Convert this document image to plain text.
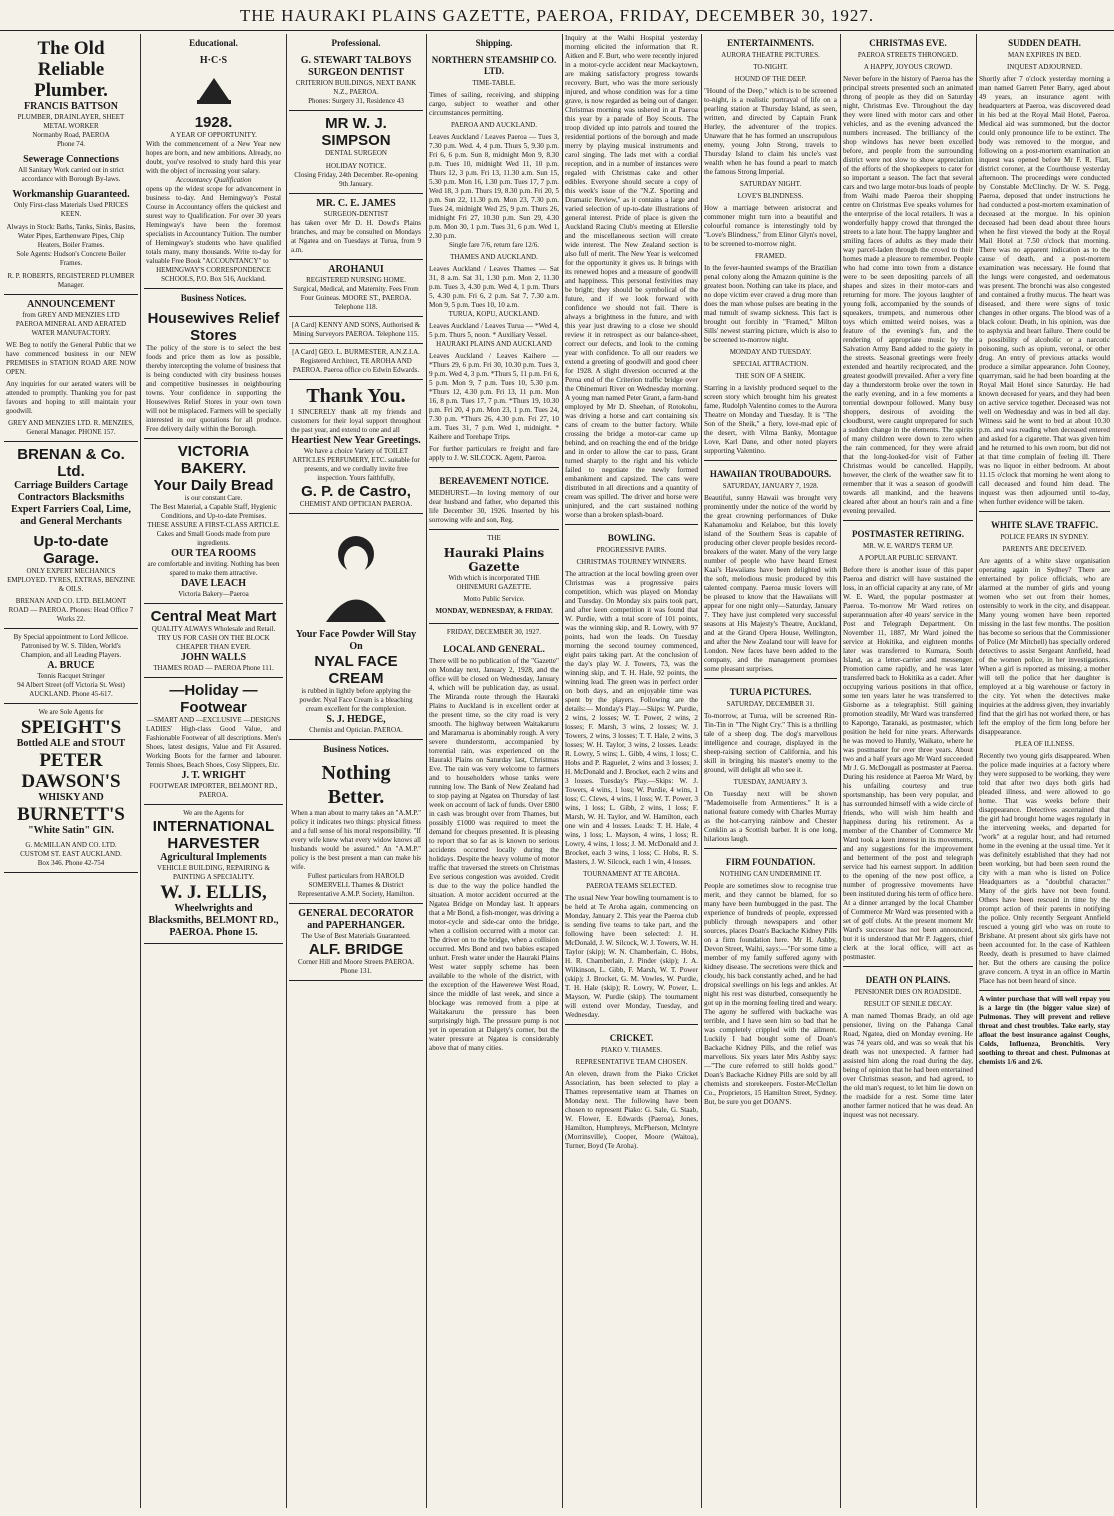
THE HAURAKI PLAINS GAZETTE, PAEROA, FRIDAY, DECEMBER 30, 1927.
The Old Reliable Plumber.
FRANCIS BATTSON
PLUMBER, DRAINLAYER, SHEET METAL WORKER
Normanby Road, PAEROA
Phone 74.
Sewerage Connections
All Sanitary Work carried out in strict accordance with Borough By-laws.
Workmanship Guaranteed.
Only First-class Materials Used PRICES KEEN.
Always in Stock: Baths, Tanks, Sinks, Basins, Water Pipes, Earthenware Pipes, Chip Heaters, Boiler Frames.
Sole Agents: Hudson's Concrete Boiler Frames.
R. P. ROBERTS, REGISTERED PLUMBER Manager.
ANNOUNCEMENT
from GREY AND MENZIES LTD
PAEROA MINERAL AND AERATED WATER MANUFACTORY.
WE Beg to notify the General Public that we have commenced business in our NEW PREMISES in STATION ROAD ARE NOW OPEN.
Any inquiries for our aerated waters will be attended to promptly. Thanking you for past favours and hoping to still maintain your goodwill.
GREY AND MENZIES LTD. R. MENZIES, General Manager. PHONE 157.
BRENAN & Co. Ltd.
Carriage Builders Cartage Contractors Blacksmiths Expert Farriers Coal, Lime, and General Merchants
Up-to-date Garage.
ONLY EXPERT MECHANICS EMPLOYED. TYRES, EXTRAS, BENZINE & OILS.
BRENAN AND CO. LTD. BELMONT ROAD — PAEROA. Phones: Head Office 7 Works 22.
By Special appointment to Lord Jellicoe. Patronised by W. S. Tilden, World's Champion, and all Leading Players.
A. BRUCE
Tennis Racquet Stringer
94 Albert Street (off Victoria St. West) AUCKLAND. Phone 45-617.
We are Sole Agents for
SPEIGHT'S
Bottled ALE and STOUT
PETER DAWSON'S
WHISKY AND
BURNETT'S
"White Satin" GIN.
G. McMILLAN AND CO. LTD.
CUSTOM ST. EAST AUCKLAND.
Box 346. Phone 42-754
Educational.
H·C·S
1928.
A YEAR OF OPPORTUNITY.
With the commencement of a New Year new hopes are born, and new ambitions. Already, no doubt, you've resolved to study hard this year with the object of increasing your salary.
Accountancy Qualification
opens up the widest scope for advancement in business to-day. And Hemingway's Postal Course in Accountancy offers the quickest and surest way to Qualification. For over 30 years Hemingway's have been the foremost specialists in Accountancy Tuition. The number of Hemingway's students who have qualified totals many, many thousands. Write to-day for valuable Free Book "ACCOUNTANCY" to
HEMINGWAY'S CORRESPONDENCE SCHOOLS, P.O. Box 516, Auckland.
Business Notices.
Housewives Relief Stores
The policy of the store is to select the best foods and price them as low as possible, thereby intercepting the volume of business that is being conducted with city business houses and competitive businesses in neighbouring towns. Your confidence in supporting the Housewives Relief Stores in your own town will not be misplaced. Farmers will be specially interested in our quotations for all produce. Free delivery daily within the Borough.
VICTORIA BAKERY.
Your Daily Bread
is our constant Care.
The Best Material, a Capable Staff, Hygienic Conditions, and Up-to-date Premises.
THESE ASSURE A FIRST-CLASS ARTICLE.
Cakes and Small Goods made from pure ingredients.
OUR TEA ROOMS
are comfortable and inviting. Nothing has been spared to make them attractive.
DAVE LEACH
Victoria Bakery—Paeroa
Central Meat Mart
QUALITY ALWAYS Wholesale and Retail. TRY US FOR CASH ON THE BLOCK CHEAPER THAN EVER.
JOHN WALLS
THAMES ROAD — PAEROA Phone 111.
—Holiday —Footwear
—SMART AND —EXCLUSIVE —DESIGNS
LADIES' High-class Good Value, and Fashionable Footwear of all descriptions. Men's Shoes, latest designs, Value and Fit Assured. Working Boots for the farmer and labourer. Tennis Shoes, Beach Shoes, Cosy Slippers, Etc.
J. T. WRIGHT
FOOTWEAR IMPORTER, BELMONT RD., PAEROA.
We are the Agents for
INTERNATIONAL HARVESTER
Agricultural Implements
VEHICLE BUILDING, REPAIRING & PAINTING A SPECIALITY.
W. J. ELLIS,
Wheelwrights and Blacksmiths, BELMONT RD., PAEROA. Phone 15.
Professional.
G. STEWART TALBOYS SURGEON DENTIST
CRITERION BUILDINGS, NEXT BANK N.Z., PAEROA.
Phones: Surgery 31, Residence 43
MR W. J. SIMPSON
DENTAL SURGEON
HOLIDAY NOTICE.
Closing Friday, 24th December. Re-opening 9th January.
MR. C. E. JAMES
SURGEON-DENTIST
has taken over Mr D. H. Dowd's Plains branches, and may be consulted on Mondays at Ngatea and on Tuesdays at Turua, from 9 a.m.
AROHANUI
REGISTERED NURSING HOME.
Surgical, Medical, and Maternity. Fees From Four Guineas. MOORE ST., PAEROA. Telephone 118.
[A Card] KENNY AND SONS, Authorised & Mining Surveyors PAEROA. Telephone 115.
[A Card] GEO. L. BURMESTER, A.N.Z.I.A. Registered Architect, TE AROHA AND PAEROA. Paeroa office c/o Edwin Edwards.
Thank You.
I SINCERELY thank all my friends and customers for their loyal support throughout the past year, and extend to one and all
Heartiest New Year Greetings.
We have a choice Variety of TOILET ARTICLES PERFUMERY, ETC. suitable for presents, and we cordially invite free inspection. Yours faithfully,
G. P. de Castro,
CHEMIST AND OPTICIAN PAEROA.
Your Face Powder Will Stay On
NYAL FACE CREAM
is rubbed in lightly before applying the powder. Nyal Face Cream is a bleaching cream excellent for the complexion.
S. J. HEDGE,
Chemist and Optician. PAEROA.
Business Notices.
Nothing Better.
When a man about to marry takes an "A.M.P." policy it indicates two things: physical fitness and a full sense of his moral responsibility. "If every wife knew what every widow knows all husbands would be assured." An "A.M.P." policy is the best present a man can make his wife.
Fullest particulars from HAROLD SOMERVELL Thames & District Representative A.M.P. Society, Hamilton.
GENERAL DECORATOR and PAPERHANGER.
The Use of Best Materials Guaranteed.
ALF. BRIDGE
Corner Hill and Moore Streets PAEROA. Phone 131.
Shipping.
NORTHERN STEAMSHIP CO. LTD.
TIME-TABLE.
Times of sailing, receiving, and shipping cargo, subject to weather and other circumstances permitting.
PAEROA AND AUCKLAND.
Leaves Auckland / Leaves Paeroa — Tues 3, 7.30 p.m. Wed. 4, 4 p.m. Thurs 5, 9.30 p.m. Fri 6, 6 p.m. Sun 8, midnight Mon 9, 8.30 p.m. Tues 10, midnight Wed 11, 10 p.m. Thurs 12, 3 p.m. Fri 13, 11.30 a.m. Sun 15, 5.30 p.m. Mon 16, 1.30 p.m. Tues 17, 7 p.m. Wed 18, 3 p.m. Thurs 19, 8.30 p.m. Fri 20, 5 p.m. Sun 22, 11.30 p.m. Mon 23, 7.30 p.m. Tues 24, midnight Wed 25, 9 p.m. Thurs 26, midnight Fri 27, 10.30 p.m. Sun 29, 4.30 p.m. Mon 30, 1 p.m. Tues 31, 6 p.m. Wed 1, 2.30 p.m.
Single fare 7/6, return fare 12/6.
THAMES AND AUCKLAND.
Leaves Auckland / Leaves Thames — Sat 31, 8 a.m. Sat 31, 1.30 p.m. Mon 2, 11.30 p.m. Tues 3, 4.30 p.m. Wed 4, 1 p.m. Thurs 5, 4.30 p.m. Fri 6, 2 p.m. Sat 7, 7.30 a.m. Mon 9, 5 p.m. Tues 10, 10 a.m.
TURUA, KOPU, AUCKLAND.
Leaves Auckland / Leaves Turua — *Wed 4, 5 p.m. Thurs 5, noon. * Auxiliary Vessel.
HAURAKI PLAINS AND AUCKLAND
Leaves Auckland / Leaves Kaihere — *Thurs 29, 6 p.m. Fri 30, 10.30 p.m. Tues 3, 9 p.m. Wed 4, 3 p.m. *Thurs 5, 11 p.m. Fri 6, 5 p.m. Mon 9, 7 p.m. Tues 10, 5.30 p.m. *Thurs 12, 4.30 p.m. Fri 13, 11 p.m. Mon 16, 8 p.m. Tues 17, 7 p.m. *Thurs 19, 10.30 p.m. Fri 20, 4 p.m. Mon 23, 1 p.m. Tues 24, 7.30 p.m. *Thurs 26, 4.30 p.m. Fri 27, 10 a.m. Tues 31, 7 p.m. Wed 1, midnight. * Kaihere and Torehape Trips.
For further particulars re freight and fare apply to J. W. SILCOCK. Agent, Paeroa.
BEREAVEMENT NOTICE.
MEDHURST.—In loving memory of our dear husband and father, who departed this life December 30, 1926. Inserted by his sorrowing wife and son, Reg.
THE
Hauraki Plains Gazette
With which is incorporated THE OHINEMURI GAZETTE.
Motto Public Service.
MONDAY, WEDNESDAY, & FRIDAY.
FRIDAY, DECEMBER 30, 1927.
LOCAL AND GENERAL.
There will be no publication of the "Gazette" on Monday next, January 2, 1928, and the office will be closed on Wednesday, January 4, which will be publication day, as usual. The Miranda route through the Hauraki Plains to Auckland is in excellent order at the present time, so the city road is very smooth. The highway between Waitakaruru and Maramarua is abominably rough. A very severe thunderstorm, accompanied by torrential rain, was experienced on the Hauraki Plains on Saturday last, Christmas Eve. The rain was very welcome to farmers and to householders whose tanks were running low. The Bank of New Zealand had to stop paying at Ngatea on Thursday of last week on account of lack of funds. Over £800 in cash was brought over from Thames, but possibly £1000 was required to meet the demand for cheques presented. It is pleasing to report that so far as is known no serious accidents occurred locally during the holidays. Despite the heavy volume of motor traffic that traversed the streets on Christmas Eve serious congestion was avoided. Credit is due to the way the police handled the situation. A motor accident occurred at the Ngatea Bridge on Monday last. It appears that a Mr Bond, a fish-monger, was driving a motor-cycle and side-car onto the bridge, when a collision occurred with a motor car. The driver on to the bridge, when a collision occurred. Mrs Bond and two babies escaped unhurt. Fresh water under the Hauraki Plains West water supply scheme has been available to the whole of the district, with the exception of the Hawerewe West Road, since the middle of last week, and since a blockage was removed from a pipe at Waitakaruru the pressure has been surprisingly high. The pressure pump is not yet in operation at Dalgety's corner, but the water pressure at Ngatea is considerably above that of many cities.
Inquiry at the Waihi Hospital yesterday morning elicited the information that R. Aitken and F. Burt, who were recently injured in a motor-cycle accident near Mackaytown, are making satisfactory progress towards recovery. Burt, who was the more seriously injured, and whose condition was for a time grave, is now regarded as being out of danger. Christmas morning was ushered in at Paeroa this year by a parade of Boy Scouts. The troop divided up into patrols and toured the residential portions of the borough and made merry by playing musical instruments and carol singing. The lads met with a cordial reception, and in a number of instances were regaled with Christmas cake and other edibles. Everyone should secure a copy of this week's issue of the "N.Z. Sporting and Dramatic Review," as it contains a large and varied selection of up-to-date illustrations of general interest. Pride of place is given the Auckland Racing Club's meeting at Ellerslie and the miscellaneous section will create wide interest. The New Zealand section is also full of merit. The New Year is welcomed for the opportunity it gives us. It brings with its renewed hopes and a measure of goodwill and happiness. This personal festivities may be bright; they should be symbolical of the future, and if we look forward with confidence we should not fail. There is always a brightness in the future, and with this year just drawing to a close we should review it in retrospect as our balance-sheet, correct our defects, and look to the coming year with confidence. To all our readers we extend a greeting of goodwill and good cheer for 1928. A slight diversion occurred at the Peroa end of the Criterion traffic bridge over the Ohinemuri River on Wednesday morning. A young man named Peter Grant, a farm-hand employed by Mr D. Sheehan, of Rotokohu, was driving a horse and cart containing six cans of cream to the butter factory. While crossing the bridge a motor-car came up behind, and on reaching the end of the bridge and in order to allow the car to pass, Grant turned sharply to the right and his vehicle failed to negotiate the newly formed embankment and capsized. The cans were distributed in all directions and a quantity of cream was spilled. The driver and horse were uninjured, and the cart sustained nothing worse than a broken splash-board.
BOWLING.
PROGRESSIVE PAIRS.
CHRISTMAS TOURNEY WINNERS.
The attraction at the local bowling green over Christmas was a progressive pairs competition, which was played on Monday and Tuesday. On Monday six pairs took part, and after keen competition it was found that W. Purdie, with a total score of 101 points, was the winning skip, and R. Lowry, with 97 points, had won the leads. On Tuesday morning the second tourney commenced, eight pairs taking part. At the conclusion of the day's play W. J. Towers, 73, was the winning skip, and T. H. Hale, 92 points, the winning lead. The green was in perfect order on both days, and an enjoyable time was spent by the players. Following are the details:— Monday's Play.—Skips: W. Purdie, 2 wins, 2 losses; W. T. Power, 2 wins, 2 losses; F. Marsh, 3 wins, 2 losses; W. J. Towers, 2 wins, 3 losses; T. T. Hale, 2 wins, 3 losses; W. H. Taylor, 3 wins, 2 losses. Leads: R. Lowry, 5 wins; L. Gibb, 4 wins, 1 loss; C. Hobs and P. Raguelet, 2 wins and 3 losses; J. H. McDonald and J. Brocket, each 2 wins and 3 losses. Tuesday's Play.—Skips: W. J. Towers, 4 wins, 1 loss; W. Purdie, 4 wins, 1 loss; C. Clews, 4 wins, 1 loss; W. T. Power, 3 wins, 1 loss; L. Gibb, 2 wins, 1 loss; F. Marsh, W. H. Taylor, and W. Hamilton, each one win and 4 losses. Leads: T. H. Hale, 4 wins, 1 loss; L. Mayson, 4 wins, 1 loss; R. Lowry, 4 wins, 1 loss; J. M. McDonald and J. Brocket, each 3 wins, 1 loss; C. Hobs, R. S. Masters, J. W. Silcock, each 1 win, 4 losses.
TOURNAMENT AT TE AROHA.
PAEROA TEAMS SELECTED.
The usual New Year bowling tournament is to be held at Te Aroha again, commencing on Monday, January 2. This year the Paeroa club is sending five teams to take part, and the following have been selected: J. H. McDonald, J. W. Silcock, W. J. Towers, W. H. Taylor (skip); W. N. Chamberlain, C. Hobs, H. R. Chamberlain, J. Pinder (skip); J. A. Wilkinson, L. Gibb, F. Marsh, W. T. Power (skip); J. Brocket, G. M. Vowles, W. Purdie, T. H. Hale (skip); R. Lowry, W. Power, L. Mayson, W. Purdie (skip). The tournament will extend over Monday, Tuesday, and Wednesday.
CRICKET.
PIAKO V. THAMES.
REPRESENTATIVE TEAM CHOSEN.
An eleven, drawn from the Piako Cricket Association, has been selected to play a Thames representative team at Thames on Monday next. The following have been chosen to represent Piako: G. Sale, G. Staab, W. Flower, E. Edwards (Paeroa), Jones, Hamilton, Humphreys, McPherson, McIntyre (Morrinsville), Cooper, Moore (Waitoa), Turner, Boyd (Te Aroha).
ENTERTAINMENTS.
AURORA THEATRE PICTURES.
TO-NIGHT.
HOUND OF THE DEEP.
"Hound of the Deep," which is to be screened to-night, is a realistic portrayal of life on a pearling station at Thursday Island, as seen, written, and directed by Captain Frank Hurley, the adventurer of the tropics. Unaware that he has formed an unscrupulous enemy, young John Strong, travels to Thursday Island to claim his uncle's vast wealth when he has found a pearl to match the famous Strong Imperial.
SATURDAY NIGHT.
LOVE'S BLINDNESS.
How a marriage between aristocrat and commoner might turn into a beautiful and colourful romance is interestingly told by "Love's Blindness," from Elinor Glyn's novel, to be screened to-morrow night.
FRAMED.
In the fever-haunted swamps of the Brazilian penal colony along the Amazon quinine is the greatest boon. Nothing can take its place, and no dope victim ever craved a drug more than does the man whose pulses are beating in the mad tumult of swamp sickness. This fact is brought out forcibly in "Framed," Milton Sills' newest starring picture, which is also to be screened to-morrow night.
MONDAY AND TUESDAY.
SPECIAL ATTRACTION.
THE SON OF A SHEIK.
Starring in a lavishly produced sequel to the screen story which brought him his greatest fame, Rudolph Valentino comes to the Aurora Theatre on Monday and Tuesday. It is "The Son of the Sheik," a fiery, love-mad epic of the desert, with Vilma Banky, Montague Love, Karl Dane, and other noted players supporting Valentino.
HAWAIIAN TROUBADOURS.
SATURDAY, JANUARY 7, 1928.
Beautiful, sunny Hawaii was brought very prominently under the notice of the world by the great crowning performances of Duke Kahanamoku and Kelaboe, but this lovely island of the Southern Seas is capable of producing other clever people besides record-breakers of the water. Many of the very large number of people who have heard Ernest Kaai's Hawaiians have been delighted with the soft, melodious music produced by this talented company. Paeroa music lovers will be pleased to know that the Hawaiians will appear for one night only—Saturday, January 7. They have just completed very successful seasons at His Majesty's Theatre, Auckland, and at the Grand Opera House, Wellington, and after the New Zealand tour will leave for London. New faces have been added to the company, and the management promises some pleasant surprises.
TURUA PICTURES.
SATURDAY, DECEMBER 31.
To-morrow, at Turua, will be screened Rin-Tin-Tin in "The Night Cry." This is a thrilling tale of a sheep dog. The dog's marvellous intelligence and courage, displayed in the sheep-raising section of California, and his skill in bringing his master's enemy to the ground, will delight all who see it.
TUESDAY, JANUARY 3.
On Tuesday next will be shown "Mademoiselle from Armentieres." It is a national feature comedy with Charles Murray as the hot-carrying rainbow and Chester Conklin as a Scottish barber. It is one long, hilarious laugh.
FIRM FOUNDATION.
NOTHING CAN UNDERMINE IT.
People are sometimes slow to recognise true merit, and they cannot be blamed, for so many have been humbugged in the past. The experience of hundreds of people, expressed publicly through newspapers and other sources, places Doan's Backache Kidney Pills on a firm foundation here. Mr H. Ashby, Devon Street, Waihi, says:—"For some time a member of my family suffered agony with kidney disease. The secretions were thick and cloudy, his back constantly ached, and he had dropsical swellings on his legs and ankles. At night his rest was disturbed, consequently he got up in the morning feeling tired and weary. The agony he suffered with backache was terrible, and I have seen him so bad that he was completely crippled with the ailment. Luckily I had bought some of Doan's Backache Kidney Pills, and the relief was marvellous. Six years later Mrs Ashby says:—"The cure referred to still holds good." Doan's Backache Kidney Pills are sold by all chemists and storekeepers. Foster-McClellan Co., Proprietors, 15 Hamilton Street, Sydney. But, be sure you get DOAN'S.
CHRISTMAS EVE.
PAEROA STREETS THRONGED.
A HAPPY, JOYOUS CROWD.
Never before in the history of Paeroa has the principal streets presented such an animated throng of people as they did on Saturday night, Christmas Eve. Throughout the day they were lined with motor cars and other vehicles, and as the evening advanced the numbers increased. The brilliancy of the shop windows has never been excelled before, and people from the surrounding district were not slow to show appreciation of the efforts of the shopkeepers to cater for so important a season. The fact that several cars and two large motor-bus loads of people from Waihi made Paeroa their shopping centre on Christmas Eve speaks volumes for the enterprise of the local retailers. It was a wonderfully happy crowd that thronged the streets to a late hour. The happy laughter and smiling faces of adults as they made their way parcel-laden through the crowd to their homes made a pleasure to remember. People who had come into town from a distance were to be seen depositing parcels of all shapes and sizes in their motor-cars and returning for more. The joyous laughter of young folk, accompanied by the sounds of squeakers, trumpets, and numerous other toys which emitted weird noises, was a feature of the evening's fun, and the rendering of appropriate music by the Salvation Army Band added to the gaiety in the streets. Seasonal greetings were freely extended and heartily reciprocated, and the greatest goodwill prevailed. After a very fine day a thunderstorm broke over the town in the early evening, and in a few moments a torrential downpour followed. Many busy shoppers, desirous of avoiding the cloudburst, were caught unprepared for such a sudden change in the elements. The spirits of many children were down to zero when the rain commenced, for they were afraid that the long-looked-for visit of Father Christmas would be cancelled. Happily, however, the clerk of the weather saw fit to remember that it was a season of goodwill towards all mankind, and the heavens cleared after about an hour's rain and a fine evening prevailed.
POSTMASTER RETIRING.
MR. W. E. WARD'S TERM UP.
A POPULAR PUBLIC SERVANT.
Before there is another issue of this paper Paeroa and district will have sustained the loss, in an official capacity at any rate, of Mr W. E. Ward, the popular postmaster at Paeroa. To-morrow Mr Ward retires on superannuation after 40 years' service in the Post and Telegraph Department. On November 11, 1887, Mr Ward joined the service at Hokitika, and eighteen months later was transferred to Kumara, South Island, as a letter-carrier and messenger. Promotion came rapidly, and he was later transferred back to Hokitika as a cadet. After occupying various positions in that office, some ten years later he was transferred to Gisborne as a telegraphist. Still gaining promotion steadily, Mr Ward was transferred to Kapongo, Taranaki, as postmaster, which position he held for nine years. Afterwards he was moved to Huntly, Waikato, where he was postmaster for over three years. About two and a half years ago Mr Ward succeeded Mr J. G. McDougall as postmaster at Paeroa. During his residence at Paeroa Mr Ward, by his unfailing courtesy and true sportsmanship, has been very popular, and has surrounded himself with a wide circle of friends, who will wish him health and happiness during his retirement. As a member of the Chamber of Commerce Mr Ward took a keen interest in its movements, and any suggestions for the improvement and betterment of the post and telegraph service had his earnest support. In addition to the opening of the new post office, a number of progressive movements have been instituted during his term of office here. At a dinner arranged by the local Chamber of Commerce Mr Ward was presented with a set of golf clubs. At the present moment Mr Ward's successor has not been announced, but it is understood that Mr P. Jaggers, chief clerk at the local office, will act as postmaster.
DEATH ON PLAINS.
PENSIONER DIES ON ROADSIDE.
RESULT OF SENILE DECAY.
A man named Thomas Brady, an old age pensioner, living on the Pahanga Canal Road, Ngatea, died on Monday evening. He was 74 years old, and was so weak that his death was not unexpected. A farmer had assisted him along the road during the day, being of opinion that he had been entertained over Christmas season, and had agreed, to the old man's request, to let him lie down on the roadside for a rest. Some time later another farmer noticed that he was dead. An inquest was not necessary.
SUDDEN DEATH.
MAN EXPIRES IN BED.
INQUEST ADJOURNED.
Shortly after 7 o'clock yesterday morning a man named Garrett Peter Barry, aged about 49 years, an insurance agent with headquarters at Paeroa, was discovered dead in his bed at the Royal Mail Hotel, Paeroa. Medical aid was summoned, but the doctor could only pronounce life to be extinct. The body was removed to the morgue, and following on a post-mortem examination an inquest was opened before Mr F. R. Flatt, district coroner, at the Courthouse yesterday afternoon. The proceedings were conducted by Constable McClinchy. Dr W. S. Pegg, Paeroa, deposed that under instructions he had conducted a post-mortem examination of deceased at the morgue. In his opinion deceased had been dead about three hours when he first viewed the body at the Royal Mail Hotel at 7.50 o'clock that morning. There was no apparent indication as to the cause of death, and a post-mortem examination was necessary. He found that the lungs were congested, and oedematous was present. The bronchi was also congested and contained a frothy mucus. The heart was diseased, and there were signs of toxic changes in other organs. The blood was of a black colour. Death, in his opinion, was due to asphyxia and heart failure. There could be a possibility of alcoholic or a narcotic poisoning, such as opium, veronal, or other drug. An entry of previous attacks would produce a similar appearance. John Cooney, quarryman, said he had been boarding at the Royal Mail Hotel since Saturday. He had known deceased for years, and they had been on active service together. Deceased was not well on Wednesday and was in bed all day. Witness said he went to bed at about 10.30 p.m. and was reading when deceased entered and asked for a cigarette. That was given him and he returned to his own room, but did not at that time complain of feeling ill. There was no liquor in either bedroom. At about 11.15 o'clock that morning he went along to call deceased and found him dead. The inquest was then adjourned until to-day, when further evidence will be taken.
WHITE SLAVE TRAFFIC.
POLICE FEARS IN SYDNEY.
PARENTS ARE DECEIVED.
Are agents of a white slave organisation operating again in Sydney? There are entertained by police officials, who are alarmed at the number of girls and young women who set out from their homes, ostensibly to work in the city, and disappear. Many young women have been reported missing in the last few months. The position has become so serious that the Commissioner of Police (Mr Mitchell) has specially ordered detectives to assist Sergeant Annfield, head of the women police, in her investigations. When a girl is reported as missing, a mother will tell the police that her daughter is employed at a big warehouse or factory in the city. Yet when the detectives make inquiries at the address given, they invariably find that the girl has not worked there, or has left the employ of the firm long before her disappearance.
PLEA OF ILLNESS.
Recently two young girls disappeared. When the police made inquiries at a factory where they were supposed to be working, they were told that after two days both girls had pleaded illness, and were allowed to go home. That was weeks before their disappearance. Detectives ascertained that the girl had brought home wages regularly in the intervening weeks, and departed for "work" at a regular hour, and had returned home in the evening at the usual time. Yet it was definitely established that they had not been working, but had been seen round the city with a man who is listed on Police Headquarters as a "doubtful character." Many of the girls have not been found. Others have been rescued in time by the prompt action of their parents in notifying the police. Only recently Sergeant Annfield rescued a young girl who was on route to Brisbane. At present about six girls have not been accounted for. In the case of Kathleen Reedy, death is presumed to have claimed her. But the others are causing the police grave concern. A tryst in an office in Martin Place has not been heard of since.
A winter purchase that will well repay you is a large tin (the bigger value size) of Pulmonas. They will prevent and relieve throat and chest troubles. Take early, stay afloat the best insurance against Coughs, Colds, Influenza, Bronchitis. Very soothing to throat and chest. Pulmonas at chemists 1/6 and 2/6.
